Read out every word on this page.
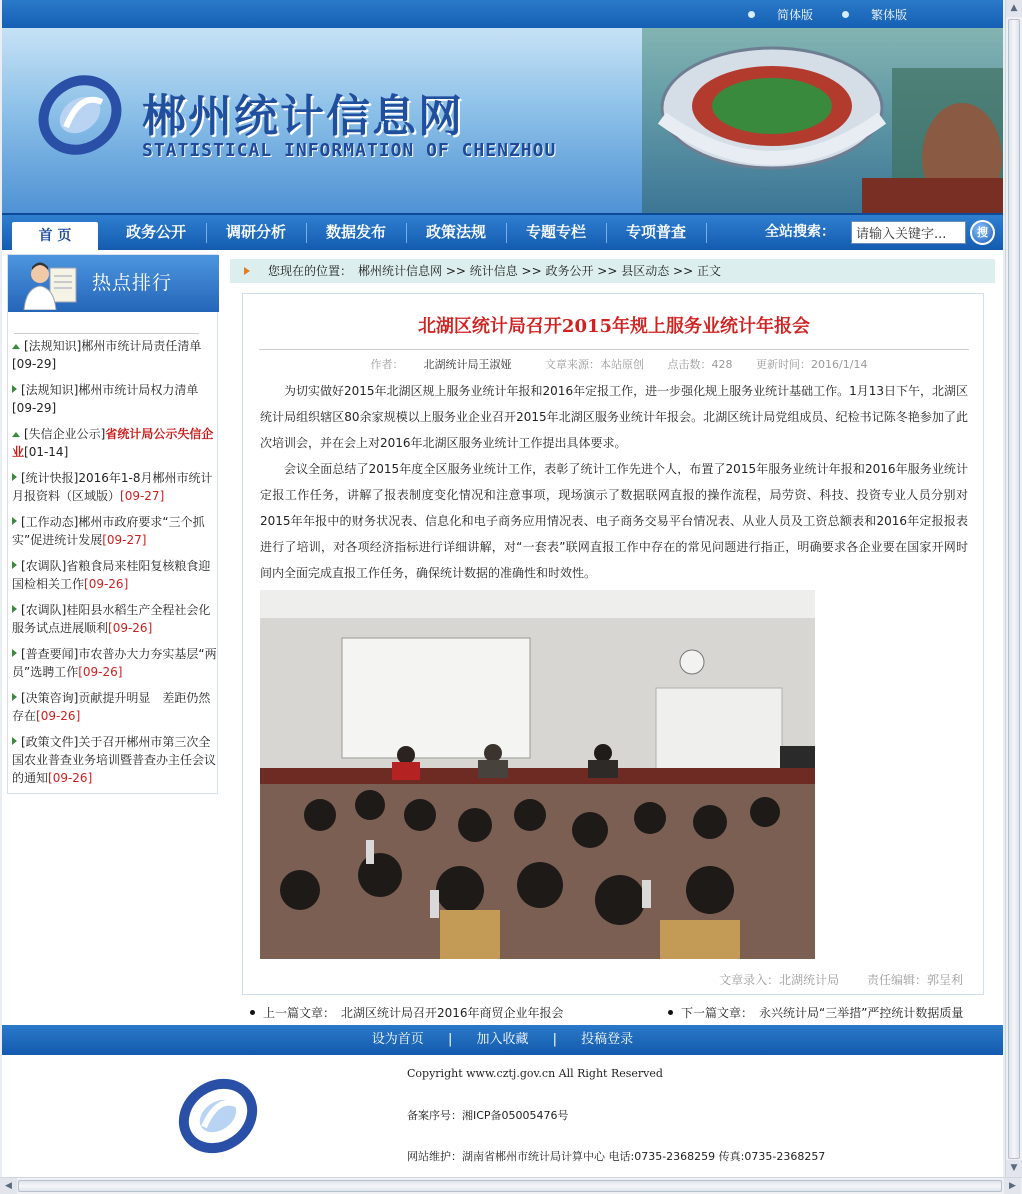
简体版	繁体版
郴州统计信息网
STATISTICAL INFORMATION OF CHENZHOU
首 页	政务公开	调研分析	数据发布	政策法规	专题专栏	专项普查	全站搜索：
请输入关键字...	搜
热点排行
[法规知识]郴州市统计局责任清单
[09-29]
[法规知识]郴州市统计局权力清单
[09-29]
[失信企业公示]省统计局公示失信企业[01-14]
[统计快报]2016年1-8月郴州市统计月报资料（区域版）[09-27]
[工作动态]郴州市政府要求“三个抓实”促进统计发展[09-27]
[农调队]省粮食局来桂阳复核粮食迎国检相关工作[09-26]
[农调队]桂阳县水稻生产全程社会化服务试点进展顺利[09-26]
[普查要闻]市农普办大力夯实基层“两员”选聘工作[09-26]
[决策咨询]贡献提升明显　差距仍然存在[09-26]
[政策文件]关于召开郴州市第三次全国农业普查业务培训暨普查办主任会议的通知[09-26]
您现在的位置：　郴州统计信息网 >> 统计信息 >> 政务公开 >> 县区动态 >> 正文
北湖区统计局召开2015年规上服务业统计年报会
作者： 北湖统计局王淑娅	文章来源：本站原创 点击数：428 更新时间：2016/1/14

为切实做好2015年北湖区规上服务业统计年报和2016年定报工作，进一步强化规上服务业统计基础工作。1月13日下午，北湖区统计局组织辖区80余家规模以上服务业企业召开2015年北湖区服务业统计年报会。北湖区统计局党组成员、纪检书记陈冬艳参加了此次培训会，并在会上对2016年北湖区服务业统计工作提出具体要求。

会议全面总结了2015年度全区服务业统计工作，表彰了统计工作先进个人，布置了2015年服务业统计年报和2016年服务业统计定报工作任务，讲解了报表制度变化情况和注意事项，现场演示了数据联网直报的操作流程，局劳资、科技、投资专业人员分别对2015年年报中的财务状况表、信息化和电子商务应用情况表、电子商务交易平台情况表、从业人员及工资总额表和2016年定报报表进行了培训，对各项经济指标进行详细讲解，对“一套表”联网直报工作中存在的常见问题进行指正，明确要求各企业要在国家开网时间内全面完成直报工作任务，确保统计数据的准确性和时效性。

文章录入：北湖统计局 责任编辑：郭呈利
上一篇文章：　北湖区统计局召开2016年商贸企业年报会	下一篇文章：　永兴统计局“三举措”严控统计数据质量
设为首页 | 加入收藏 | 投稿登录
Copyright www.cztj.gov.cn All Right Reserved
备案序号：湘ICP备05005476号
网站维护：湖南省郴州市统计局计算中心 电话:0735-2368259 传真:0735-2368257
▲
▼
◀	▶
